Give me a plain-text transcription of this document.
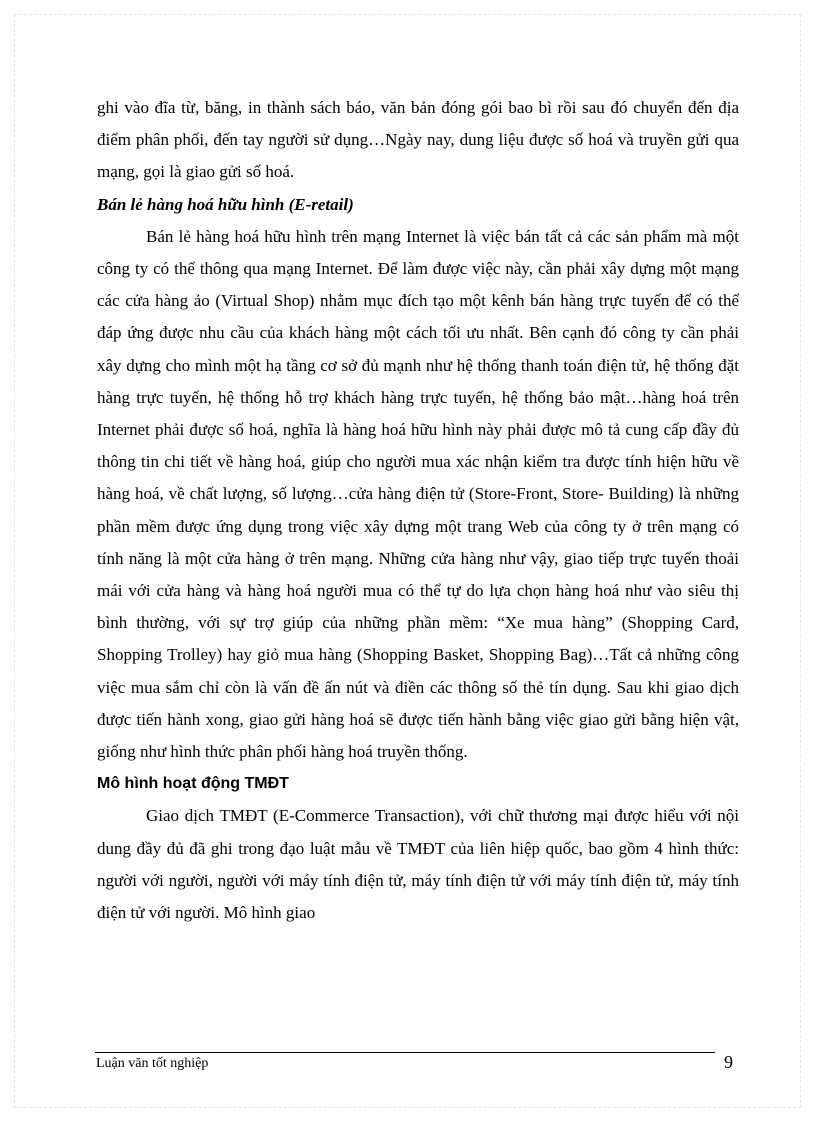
ghi vào đĩa từ, băng, in thành sách báo, văn bản đóng gói bao bì rồi sau đó chuyển đến địa điểm phân phối, đến tay người sử dụng…Ngày nay, dung liệu được số hoá và truyền gửi qua mạng, gọi là giao gửi số hoá.

Bán lẻ hàng hoá hữu hình (E-retail)

Bán lẻ hàng hoá hữu hình trên mạng Internet là việc bán tất cả các sản phẩm mà một công ty có thể thông qua mạng Internet. Để làm được việc này, cần phải xây dựng một mạng các cửa hàng ảo (Virtual Shop) nhằm mục đích tạo một kênh bán hàng trực tuyến để có thể đáp ứng được nhu cầu của khách hàng một cách tối ưu nhất. Bên cạnh đó công ty cần phải xây dựng cho mình một hạ tầng cơ sở đủ mạnh như hệ thống thanh toán điện tử, hệ thống đặt hàng trực tuyến, hệ thống hỗ trợ khách hàng trực tuyến, hệ thống bảo mật…hàng hoá trên Internet phải được số hoá, nghĩa là hàng hoá hữu hình này phải được mô tả cung cấp đầy đủ thông tin chi tiết về hàng hoá, giúp cho người mua xác nhận kiểm tra được tính hiện hữu về hàng hoá, về chất lượng, số lượng…cửa hàng điện tử (Store-Front, Store- Building) là những phần mềm được ứng dụng trong việc xây dựng một trang Web của công ty ở trên mạng có tính năng là một cửa hàng ở trên mạng. Những cửa hàng như vậy, giao tiếp trực tuyến thoải mái với cửa hàng và hàng hoá người mua có thể tự do lựa chọn hàng hoá như vào siêu thị bình thường, với sự trợ giúp của những phần mềm: “Xe mua hàng” (Shopping Card, Shopping Trolley) hay giỏ mua hàng (Shopping Basket, Shopping Bag)…Tất cả những công việc mua sắm chỉ còn là vấn đề ấn nút và điền các thông số thẻ tín dụng. Sau khi giao dịch được tiến hành xong, giao gửi hàng hoá sẽ được tiến hành bằng việc giao gửi bằng hiện vật, giống như hình thức phân phối hàng hoá truyền thống.

Mô hình hoạt động TMĐT

Giao dịch TMĐT (E-Commerce Transaction), với chữ thương mại được hiểu với nội dung đầy đủ đã ghi trong đạo luật mẫu về TMĐT của liên hiệp quốc, bao gồm 4 hình thức: người với người, người với máy tính điện tử, máy tính điện tử với máy tính điện tử, máy tính điện tử với người. Mô hình giao

Luận văn tốt nghiệp	9
